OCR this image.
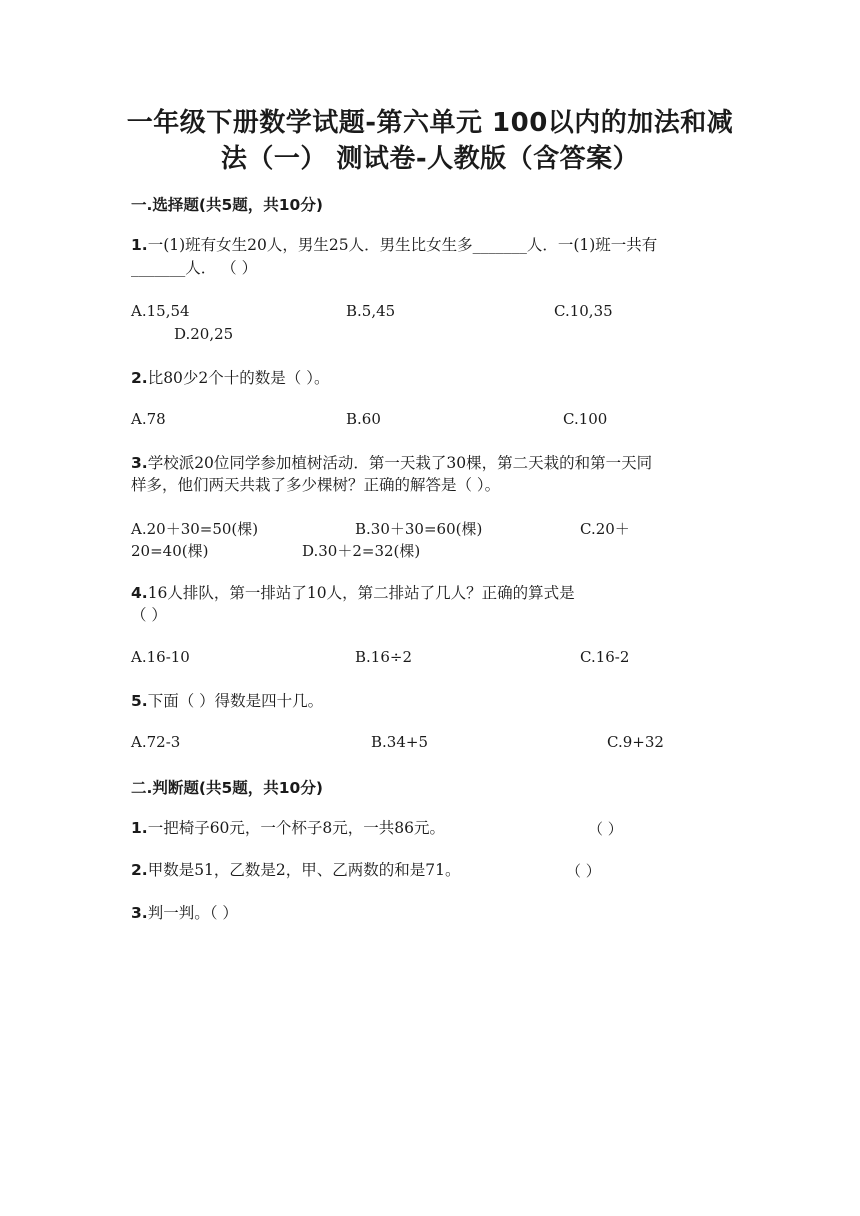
一年级下册数学试题-第六单元 100以内的加法和减
法（一） 测试卷-人教版（含答案）
一.选择题(共5题，共10分)
1.一(1)班有女生20人，男生25人．男生比女生多_______人．一(1)班一共有
_______人． （ ）
A.15,54	B.5,45	C.10,35
D.20,25
2.比80少2个十的数是（ ）。
A.78	B.60	C.100
3.学校派20位同学参加植树活动．第一天栽了30棵，第二天栽的和第一天同
样多，他们两天共栽了多少棵树？正确的解答是（ ）。
A.20＋30=50(棵)	B.30＋30=60(棵)	C.20＋
20=40(棵)	D.30＋2=32(棵)
4.16人排队，第一排站了10人，第二排站了几人？正确的算式是
（ ）
A.16-10	B.16÷2	C.16-2
5.下面（ ）得数是四十几。
A.72-3	B.34+5	C.9+32
二.判断题(共5题，共10分)
1.一把椅子60元，一个杯子8元，一共86元。	（ ）
2.甲数是51，乙数是2，甲、乙两数的和是71。	（ ）
3.判一判。（ ）
